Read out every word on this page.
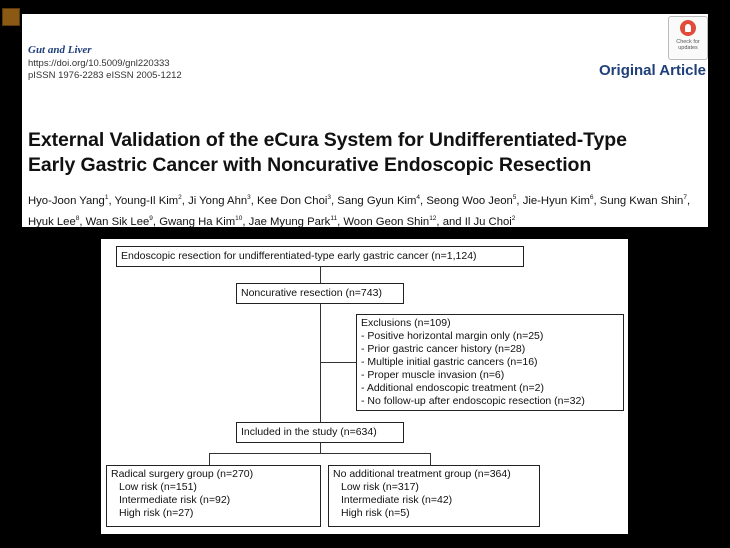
Gut and Liver
https://doi.org/10.5009/gnl220333
pISSN 1976-2283 eISSN 2005-1212
Check for
updates
Original Article
External Validation of the eCura System for Undifferentiated-Type
Early Gastric Cancer with Noncurative Endoscopic Resection
Hyo-Joon Yang$^1$, Young-Il Kim$^2$, Ji Yong Ahn$^3$, Kee Don Choi$^3$, Sang Gyun Kim$^4$, Seong Woo Jeon$^5$, Jie-Hyun Kim$^6$, Sung Kwan Shin$^7$, Hyuk Lee$^8$, Wan Sik Lee$^9$, Gwang Ha Kim$^{10}$, Jae Myung Park$^{11}$, Woon Geon Shin$^{12}$, and Il Ju Choi$^2$
Endoscopic resection for undifferentiated-type early gastric cancer (n=1,124)
Noncurative resection (n=743)
Exclusions (n=109)
- Positive horizontal margin only (n=25)
- Prior gastric cancer history (n=28)
- Multiple initial gastric cancers (n=16)
- Proper muscle invasion (n=6)
- Additional endoscopic treatment (n=2)
- No follow-up after endoscopic resection (n=32)
Included in the study (n=634)
Radical surgery group (n=270)
Low risk (n=151)
Intermediate risk (n=92)
High risk (n=27)
No additional treatment group (n=364)
Low risk (n=317)
Intermediate risk (n=42)
High risk (n=5)
